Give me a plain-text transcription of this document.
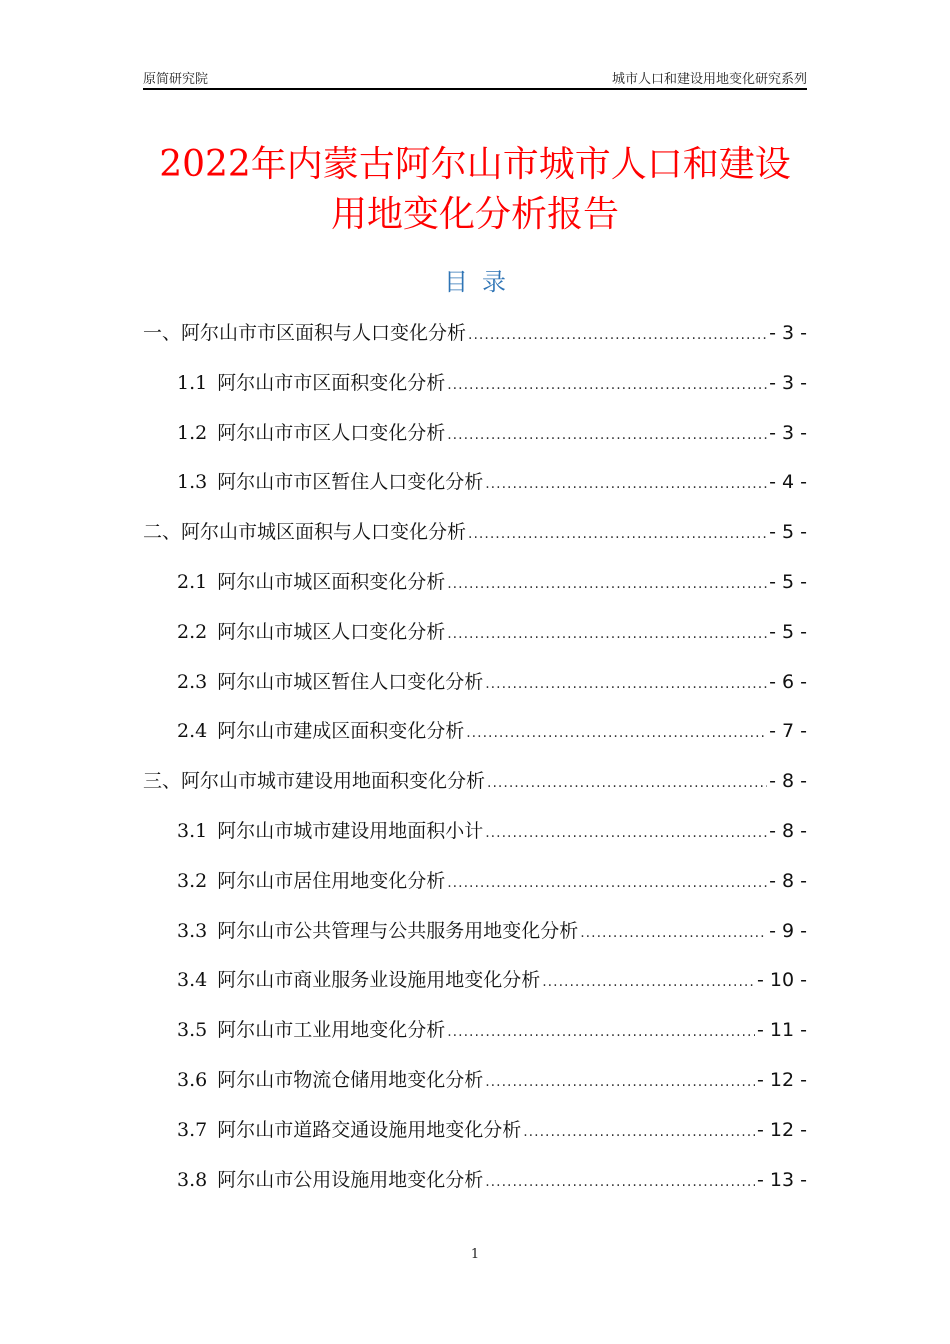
原简研究院	城市人口和建设用地变化研究系列
2022年内蒙古阿尔山市城市人口和建设
用地变化分析报告
目录
一、阿尔山市市区面积与人口变化分析 .....	- 3 -
1.1 阿尔山市市区面积变化分析 .....	- 3 -
1.2 阿尔山市市区人口变化分析 .....	- 3 -
1.3 阿尔山市市区暂住人口变化分析 .....	- 4 -
二、阿尔山市城区面积与人口变化分析 .....	- 5 -
2.1 阿尔山市城区面积变化分析 .....	- 5 -
2.2 阿尔山市城区人口变化分析 .....	- 5 -
2.3 阿尔山市城区暂住人口变化分析 .....	- 6 -
2.4 阿尔山市建成区面积变化分析 .....	- 7 -
三、阿尔山市城市建设用地面积变化分析 .....	- 8 -
3.1 阿尔山市城市建设用地面积小计 .....	- 8 -
3.2 阿尔山市居住用地变化分析 .....	- 8 -
3.3 阿尔山市公共管理与公共服务用地变化分析 .....	- 9 -
3.4 阿尔山市商业服务业设施用地变化分析 .....	- 10 -
3.5 阿尔山市工业用地变化分析 .....	- 11 -
3.6 阿尔山市物流仓储用地变化分析 .....	- 12 -
3.7 阿尔山市道路交通设施用地变化分析 .....	- 12 -
3.8 阿尔山市公用设施用地变化分析 .....	- 13 -
1
